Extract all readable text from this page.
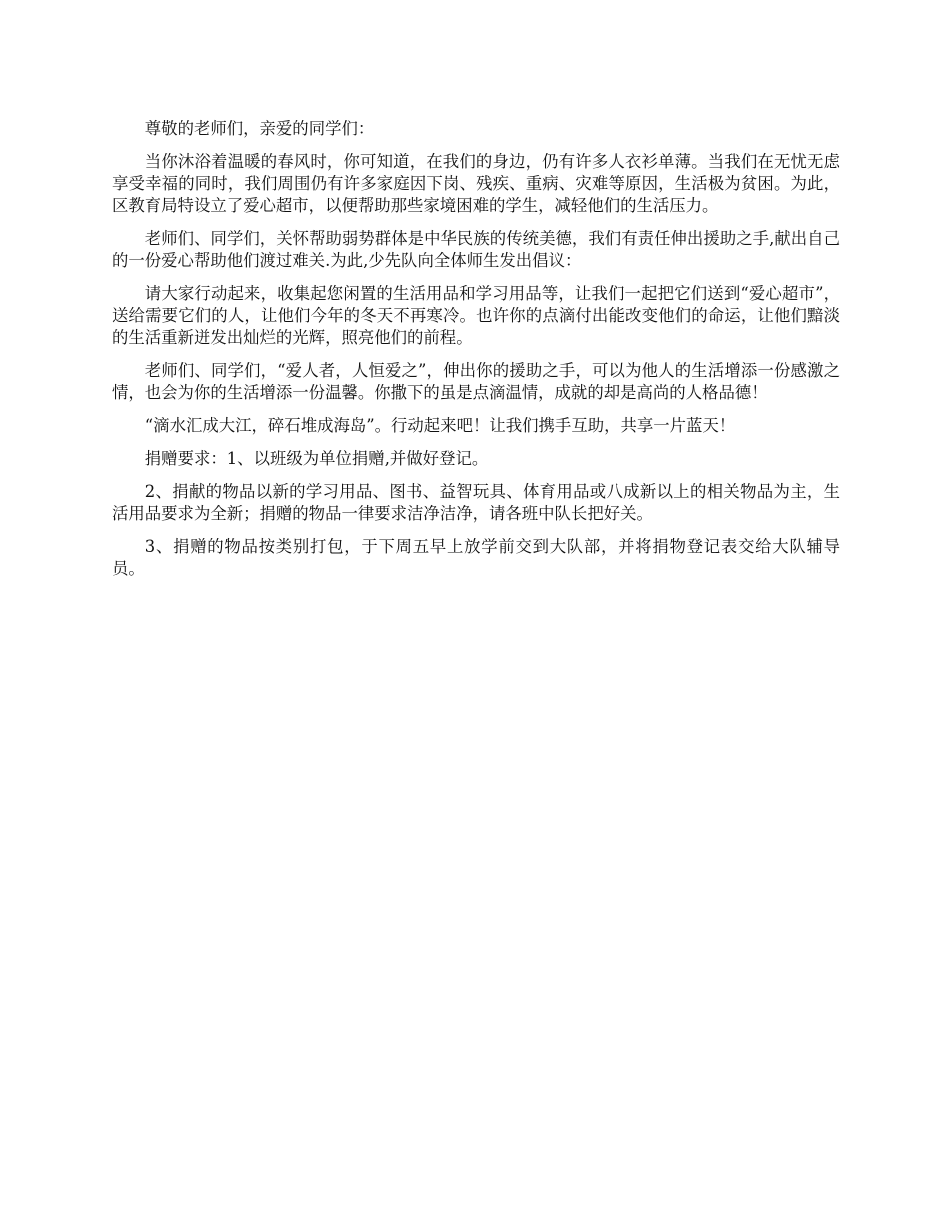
尊敬的老师们，亲爱的同学们：

当你沐浴着温暖的春风时，你可知道，在我们的身边，仍有许多人衣衫单薄。当我们在无忧无虑享受幸福的同时，我们周围仍有许多家庭因下岗、残疾、重病、灾难等原因，生活极为贫困。为此，区教育局特设立了爱心超市，以便帮助那些家境困难的学生，减轻他们的生活压力。

老师们、同学们，关怀帮助弱势群体是中华民族的传统美德，我们有责任伸出援助之手,献出自己的一份爱心帮助他们渡过难关.为此,少先队向全体师生发出倡议：

请大家行动起来，收集起您闲置的生活用品和学习用品等，让我们一起把它们送到“爱心超市”，送给需要它们的人，让他们今年的冬天不再寒冷。也许你的点滴付出能改变他们的命运，让他们黯淡的生活重新迸发出灿烂的光辉，照亮他们的前程。

老师们、同学们，“爱人者，人恒爱之”，伸出你的援助之手，可以为他人的生活增添一份感激之情，也会为你的生活增添一份温馨。你撒下的虽是点滴温情，成就的却是高尚的人格品德！

“滴水汇成大江，碎石堆成海岛”。行动起来吧！让我们携手互助，共享一片蓝天！

捐赠要求：1、以班级为单位捐赠,并做好登记。

2、捐献的物品以新的学习用品、图书、益智玩具、体育用品或八成新以上的相关物品为主，生活用品要求为全新；捐赠的物品一律要求洁净洁净，请各班中队长把好关。

3、捐赠的物品按类别打包，于下周五早上放学前交到大队部，并将捐物登记表交给大队辅导员。
